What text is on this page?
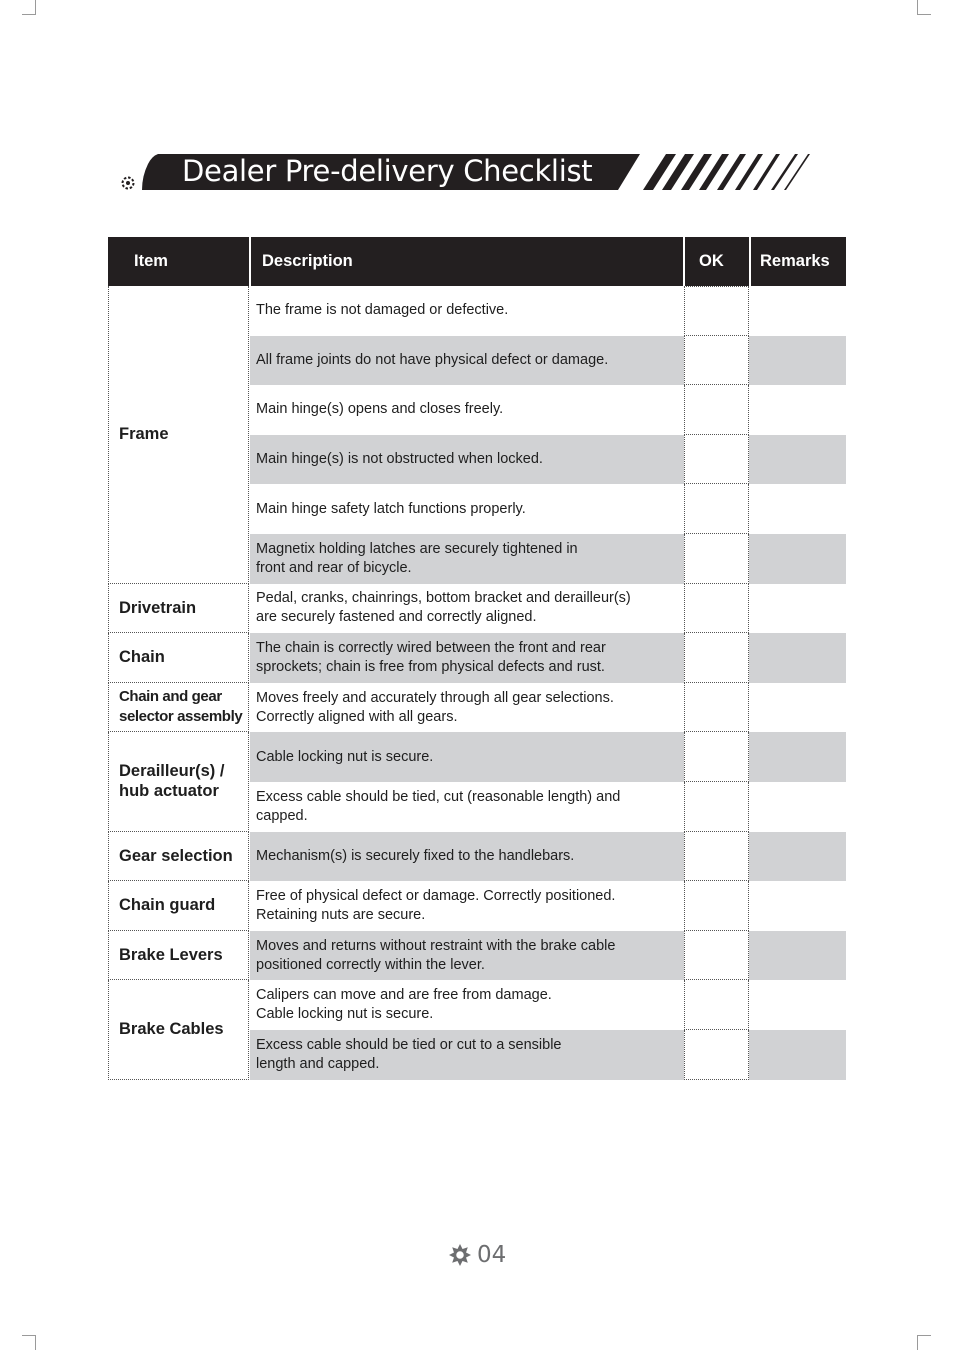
Dealer Pre-delivery Checklist
Item	Description	OK Remarks
The frame is not damaged or defective.
All frame joints do not have physical defect or damage.
Main hinge(s) opens and closes freely.
Main hinge(s) is not obstructed when locked.
Main hinge safety latch functions properly.
Magnetix holding latches are securely tightened in
front and rear of bicycle.
Frame
Pedal, cranks, chainrings, bottom bracket and derailleur(s)
are securely fastened and correctly aligned.
Drivetrain
The chain is correctly wired between the front and rear
sprockets; chain is free from physical defects and rust.
Chain
Moves freely and accurately through all gear selections.
Correctly aligned with all gears.
Chain and gear
selector assembly
Cable locking nut is secure.
Excess cable should be tied, cut (reasonable length) and
capped.
Derailleur(s) /
hub actuator
Mechanism(s) is securely fixed to the handlebars.
Gear selection
Free of physical defect or damage. Correctly positioned.
Retaining nuts are secure.
Chain guard
Moves and returns without restraint with the brake cable
positioned correctly within the lever.
Brake Levers
Calipers can move and are free from damage.
Cable locking nut is secure.
Excess cable should be tied or cut to a sensible
length and capped.
Brake Cables
04
